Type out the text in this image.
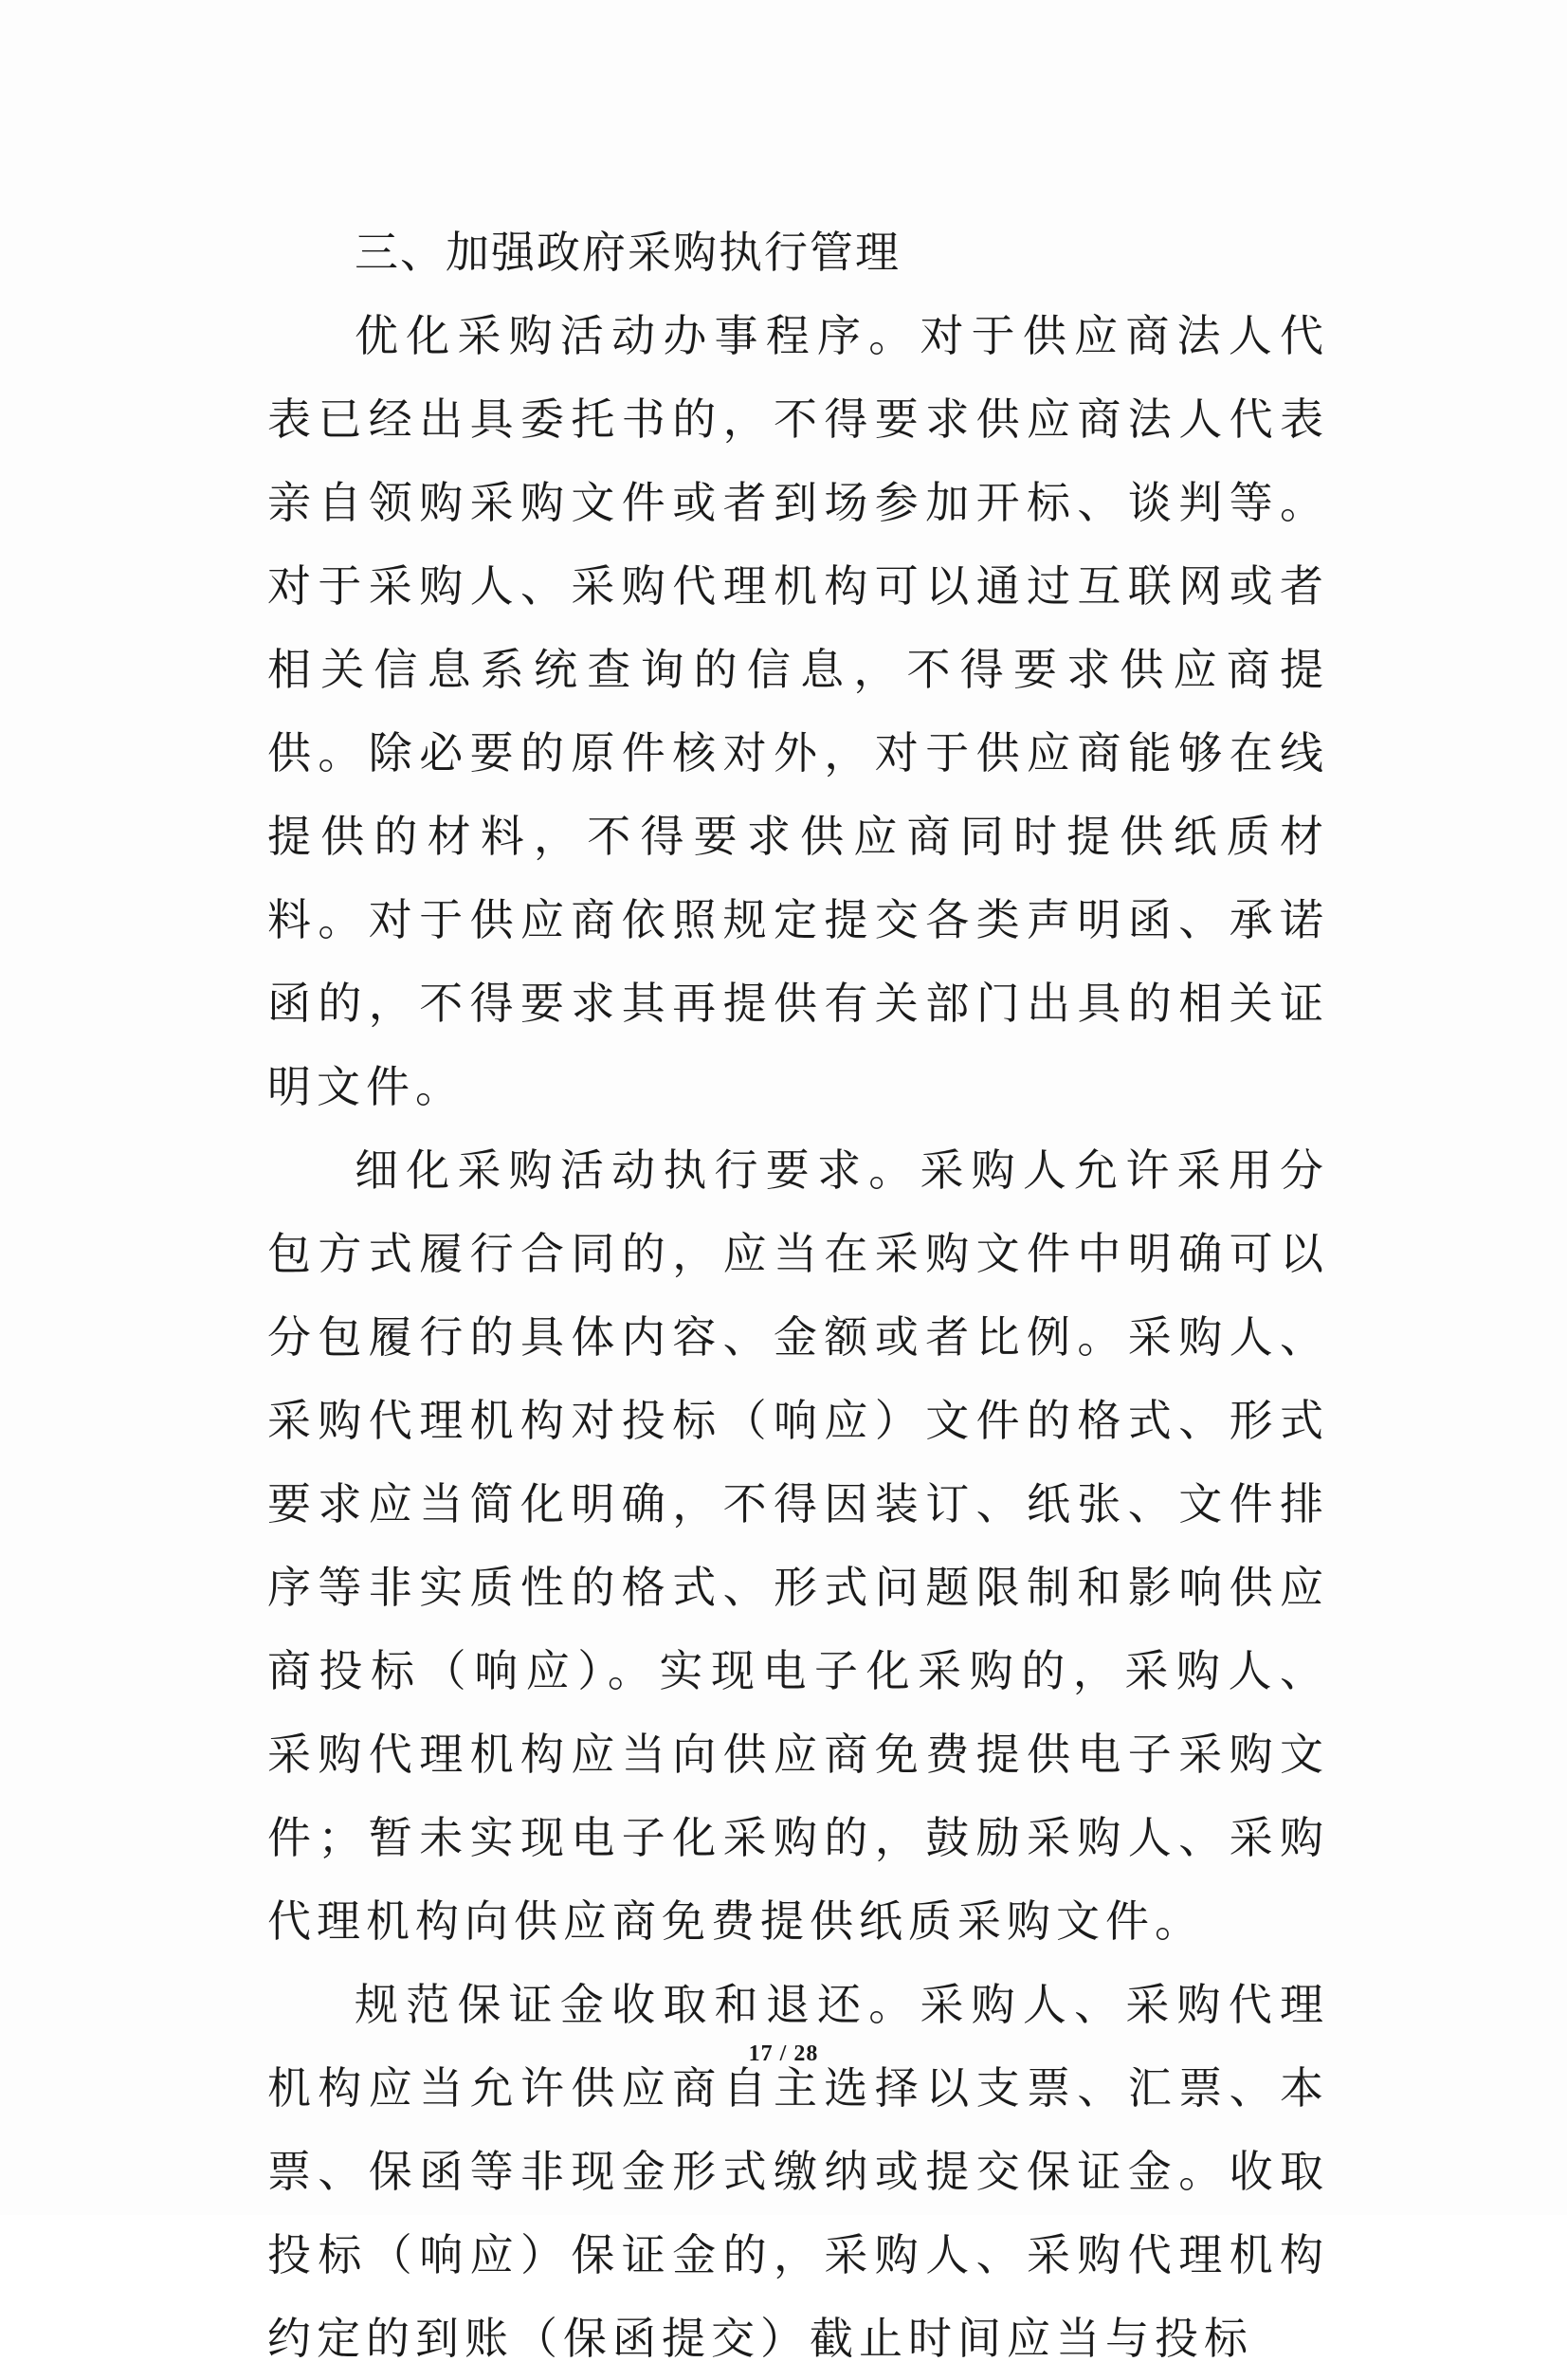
三、加强政府采购执行管理

优化采购活动办事程序。对于供应商法人代表已经出具委托书的，不得要求供应商法人代表亲自领购采购文件或者到场参加开标、谈判等。对于采购人、采购代理机构可以通过互联网或者相关信息系统查询的信息，不得要求供应商提供。除必要的原件核对外，对于供应商能够在线提供的材料，不得要求供应商同时提供纸质材料。对于供应商依照规定提交各类声明函、承诺函的，不得要求其再提供有关部门出具的相关证明文件。

细化采购活动执行要求。采购人允许采用分包方式履行合同的，应当在采购文件中明确可以分包履行的具体内容、金额或者比例。采购人、采购代理机构对投标（响应）文件的格式、形式要求应当简化明确，不得因装订、纸张、文件排序等非实质性的格式、形式问题限制和影响供应商投标（响应）。实现电子化采购的，采购人、采购代理机构应当向供应商免费提供电子采购文件；暂未实现电子化采购的，鼓励采购人、采购代理机构向供应商免费提供纸质采购文件。

规范保证金收取和退还。采购人、采购代理机构应当允许供应商自主选择以支票、汇票、本票、保函等非现金形式缴纳或提交保证金。收取投标（响应）保证金的，采购人、采购代理机构约定的到账（保函提交）截止时间应当与投标

17 / 28
